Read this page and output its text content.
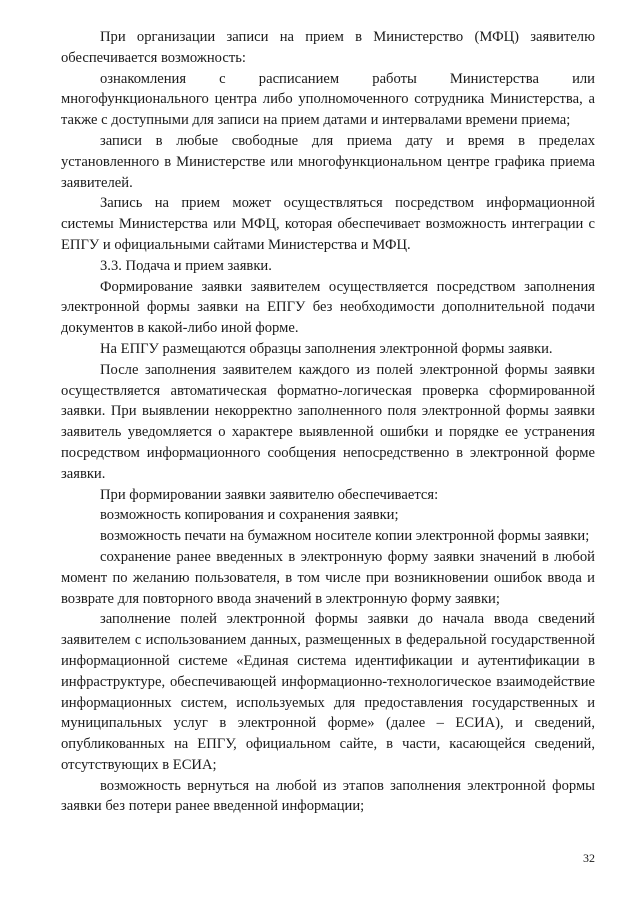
При организации записи на прием в Министерство (МФЦ) заявителю обеспечивается возможность:

ознакомления с расписанием работы Министерства или многофункционального центра либо уполномоченного сотрудника Министерства, а также с доступными для записи на прием датами и интервалами времени приема;

записи в любые свободные для приема дату и время в пределах установленного в Министерстве или многофункциональном центре графика приема заявителей.

Запись на прием может осуществляться посредством информационной системы Министерства или МФЦ, которая обеспечивает возможность интеграции с ЕПГУ и официальными сайтами Министерства и МФЦ.

3.3. Подача и прием заявки.

Формирование заявки заявителем осуществляется посредством заполнения электронной формы заявки на ЕПГУ без необходимости дополнительной подачи документов в какой-либо иной форме.

На ЕПГУ размещаются образцы заполнения электронной формы заявки.

После заполнения заявителем каждого из полей электронной формы заявки осуществляется автоматическая форматно-логическая проверка сформированной заявки. При выявлении некорректно заполненного поля электронной формы заявки заявитель уведомляется о характере выявленной ошибки и порядке ее устранения посредством информационного сообщения непосредственно в электронной форме заявки.

При формировании заявки заявителю обеспечивается:

возможность копирования и сохранения заявки;

возможность печати на бумажном носителе копии электронной формы заявки;

сохранение ранее введенных в электронную форму заявки значений в любой момент по желанию пользователя, в том числе при возникновении ошибок ввода и возврате для повторного ввода значений в электронную форму заявки;

заполнение полей электронной формы заявки до начала ввода сведений заявителем с использованием данных, размещенных в федеральной государственной информационной системе «Единая система идентификации и аутентификации в инфраструктуре, обеспечивающей информационно-технологическое взаимодействие информационных систем, используемых для предоставления государственных и муниципальных услуг в электронной форме» (далее – ЕСИА), и сведений, опубликованных на ЕПГУ, официальном сайте, в части, касающейся сведений, отсутствующих в ЕСИА;

возможность вернуться на любой из этапов заполнения электронной формы заявки без потери ранее введенной информации;

32
